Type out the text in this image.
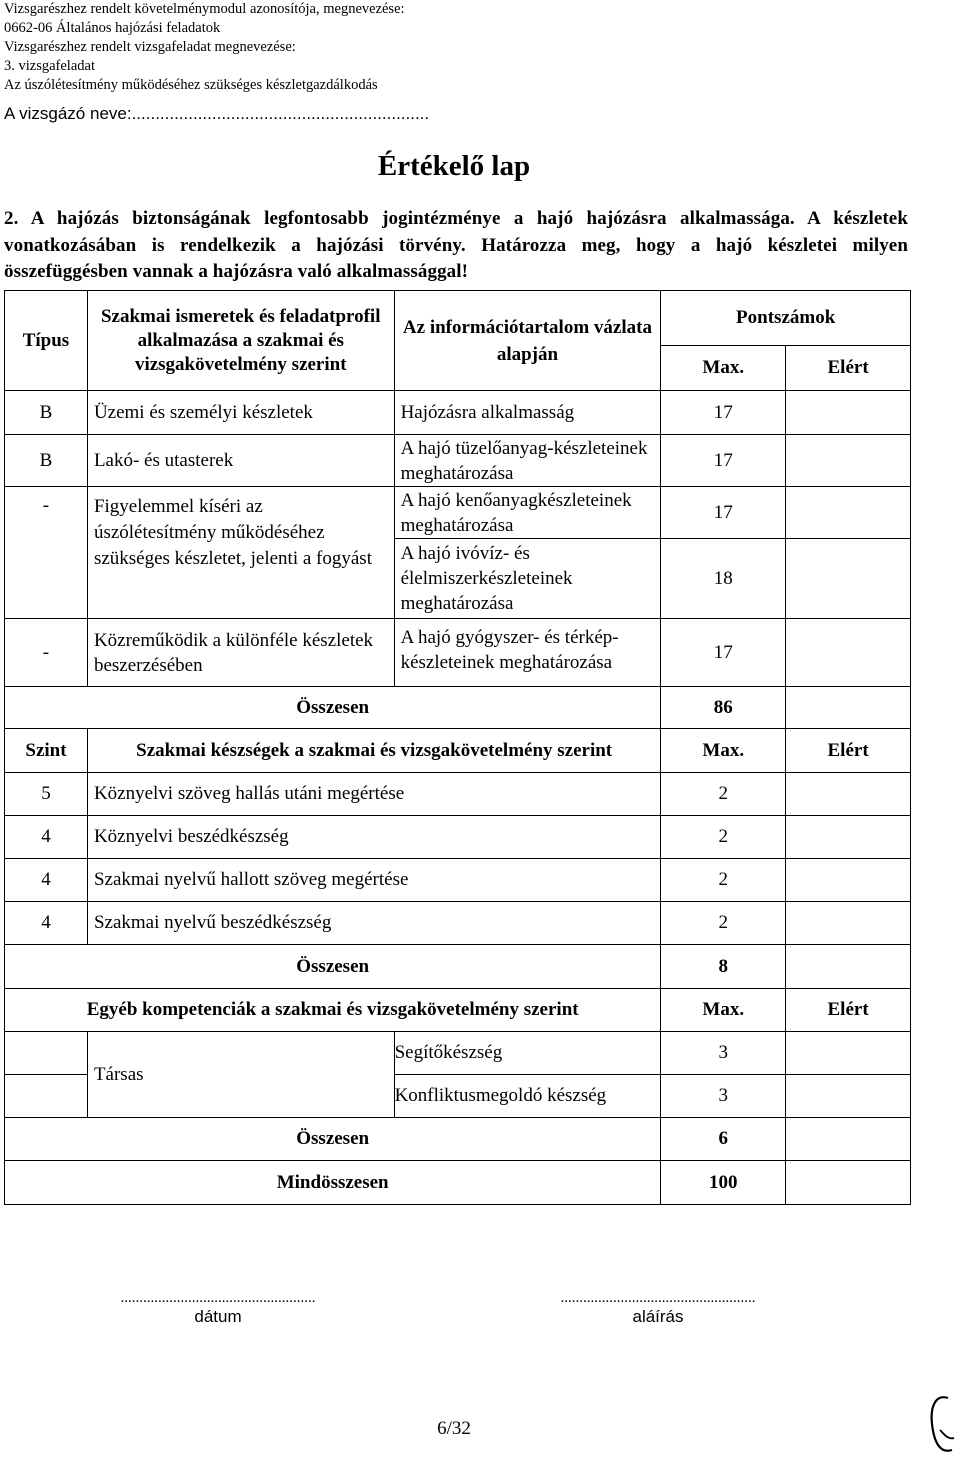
Vizsgarészhez rendelt követelménymodul azonosítója, megnevezése:
0662-06 Általános hajózási feladatok
Vizsgarészhez rendelt vizsgafeladat megnevezése:
3. vizsgafeladat
Az úszólétesítmény működéséhez szükséges készletgazdálkodás
A vizsgázó neve:...............................................................
Értékelő lap
2. A hajózás biztonságának legfontosabb jogintézménye a hajó hajózásra alkalmassága. A készletek vonatkozásában is rendelkezik a hajózási törvény. Határozza meg, hogy a hajó készletei milyen összefüggésben vannak a hajózásra való alkalmassággal!
Típus	Szakmai ismeretek és feladatprofil alkalmazása a szakmai és vizsgakövetelmény szerint	Az információtartalom vázlata alapján	Pontszámok	
			Max.	Elért
B	Üzemi és személyi készletek	Hajózásra alkalmasság	17	
B	Lakó- és utasterek	A hajó tüzelőanyag-készleteinek meghatározása	17	
-	Figyelemmel kíséri az úszólétesítmény működéséhez szükséges készletet, jelenti a fogyást	A hajó kenőanyagkészleteinek meghatározása	17	
		A hajó ivóvíz- és élelmiszerkészleteinek meghatározása	18	
-	Közreműködik a különféle készletek beszerzésében	A hajó gyógyszer- és térkép-készleteinek meghatározása	17	
Összesen			86	
Szint	Szakmai készségek a szakmai és vizsgakövetelmény szerint		Max.	Elért
5	Köznyelvi szöveg hallás utáni megértése		2	
4	Köznyelvi beszédkészség		2	
4	Szakmai nyelvű hallott szöveg megértése		2	
4	Szakmai nyelvű beszédkészség		2	
Összesen			8	
Egyéb kompetenciák a szakmai és vizsgakövetelmény szerint			Max.	Elért
	Társas	Segítőkészség	3	
		Konfliktusmegoldó készség	3	
Összesen			6	
Mindösszesen			100	
....................................................
dátum
....................................................
aláírás
6/32
